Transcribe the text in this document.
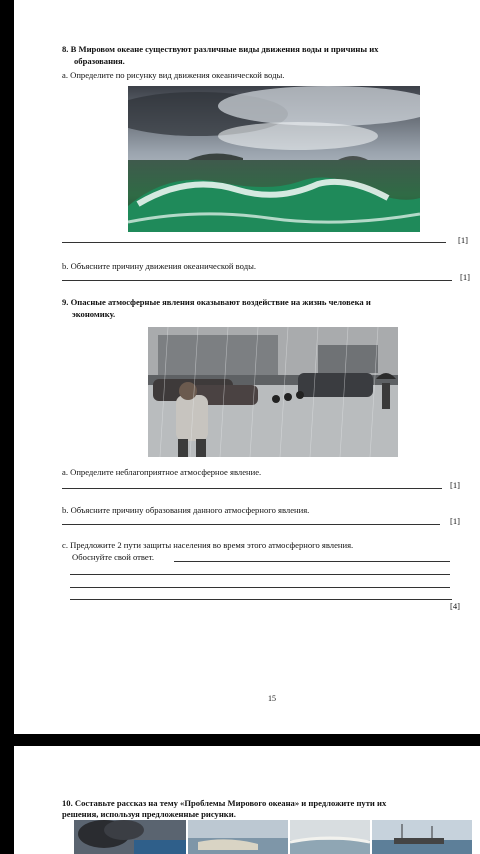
8. В Мировом океане существуют различные виды движения воды и причины их
образования.
a. Определите по рисунку вид движения океанической воды.
[1]
b. Объясните причину движения океанической воды.
[1]
9. Опасные атмосферные явления оказывают воздействие на жизнь человека и
экономику.
a. Определите неблагоприятное атмосферное явление.
[1]
b. Объясните причину образования данного атмосферного явления.
[1]
c. Предложите 2 пути защиты населения во время этого атмосферного явления.
Обоснуйте свой ответ.
[4]
15
10. Составьте рассказ на тему «Проблемы Мирового океана» и предложите пути их
решения, используя предложенные рисунки.
